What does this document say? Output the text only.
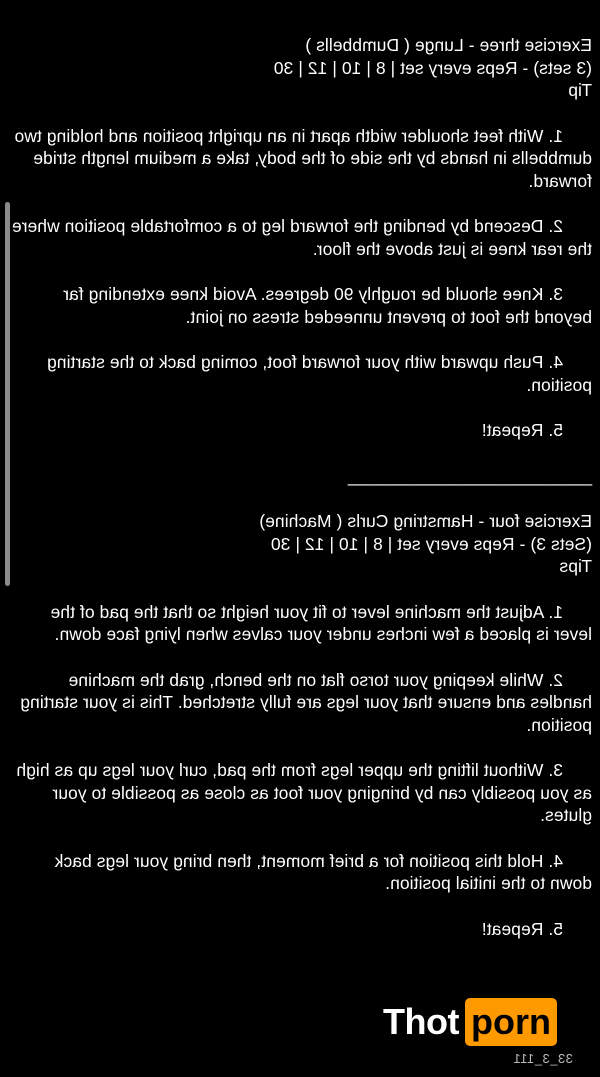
Exercise three - Lunge ( Dumbbells )

(3 sets) - Reps every set | 8 | 10 | 12 | 30

Tip

1. With feet shoulder width apart in an upright position and holding two dumbbells in hands by the side of the body, take a medium length stride forward.

2. Descend by bending the forward leg to a comfortable position where the rear knee is just above the floor.

3. Knee should be roughly 90 degrees. Avoid knee extending far beyond the foot to prevent unneeded stress on joint.

4. Push upward with your forward foot, coming back to the starting position.

5. Repeat!

_________________________

Exercise four - Hamstring Curls ( Machine)

(Sets 3) - Reps every set | 8 | 10 | 12 | 30

Tips

1. Adjust the machine lever to fit your height so that the pad of the lever is placed a few inches under your calves when lying face down.

2. While keeping your torso flat on the bench, grab the machine handles and ensure that your legs are fully stretched. This is your starting position.

3. Without lifting the upper legs from the pad, curl your legs up as high as you possibly can by bringing your foot as close as possible to your glutes.

4. Hold this position for a brief moment, then bring your legs back down to the initial position.

5. Repeat!

Thot porn
33_3_111
